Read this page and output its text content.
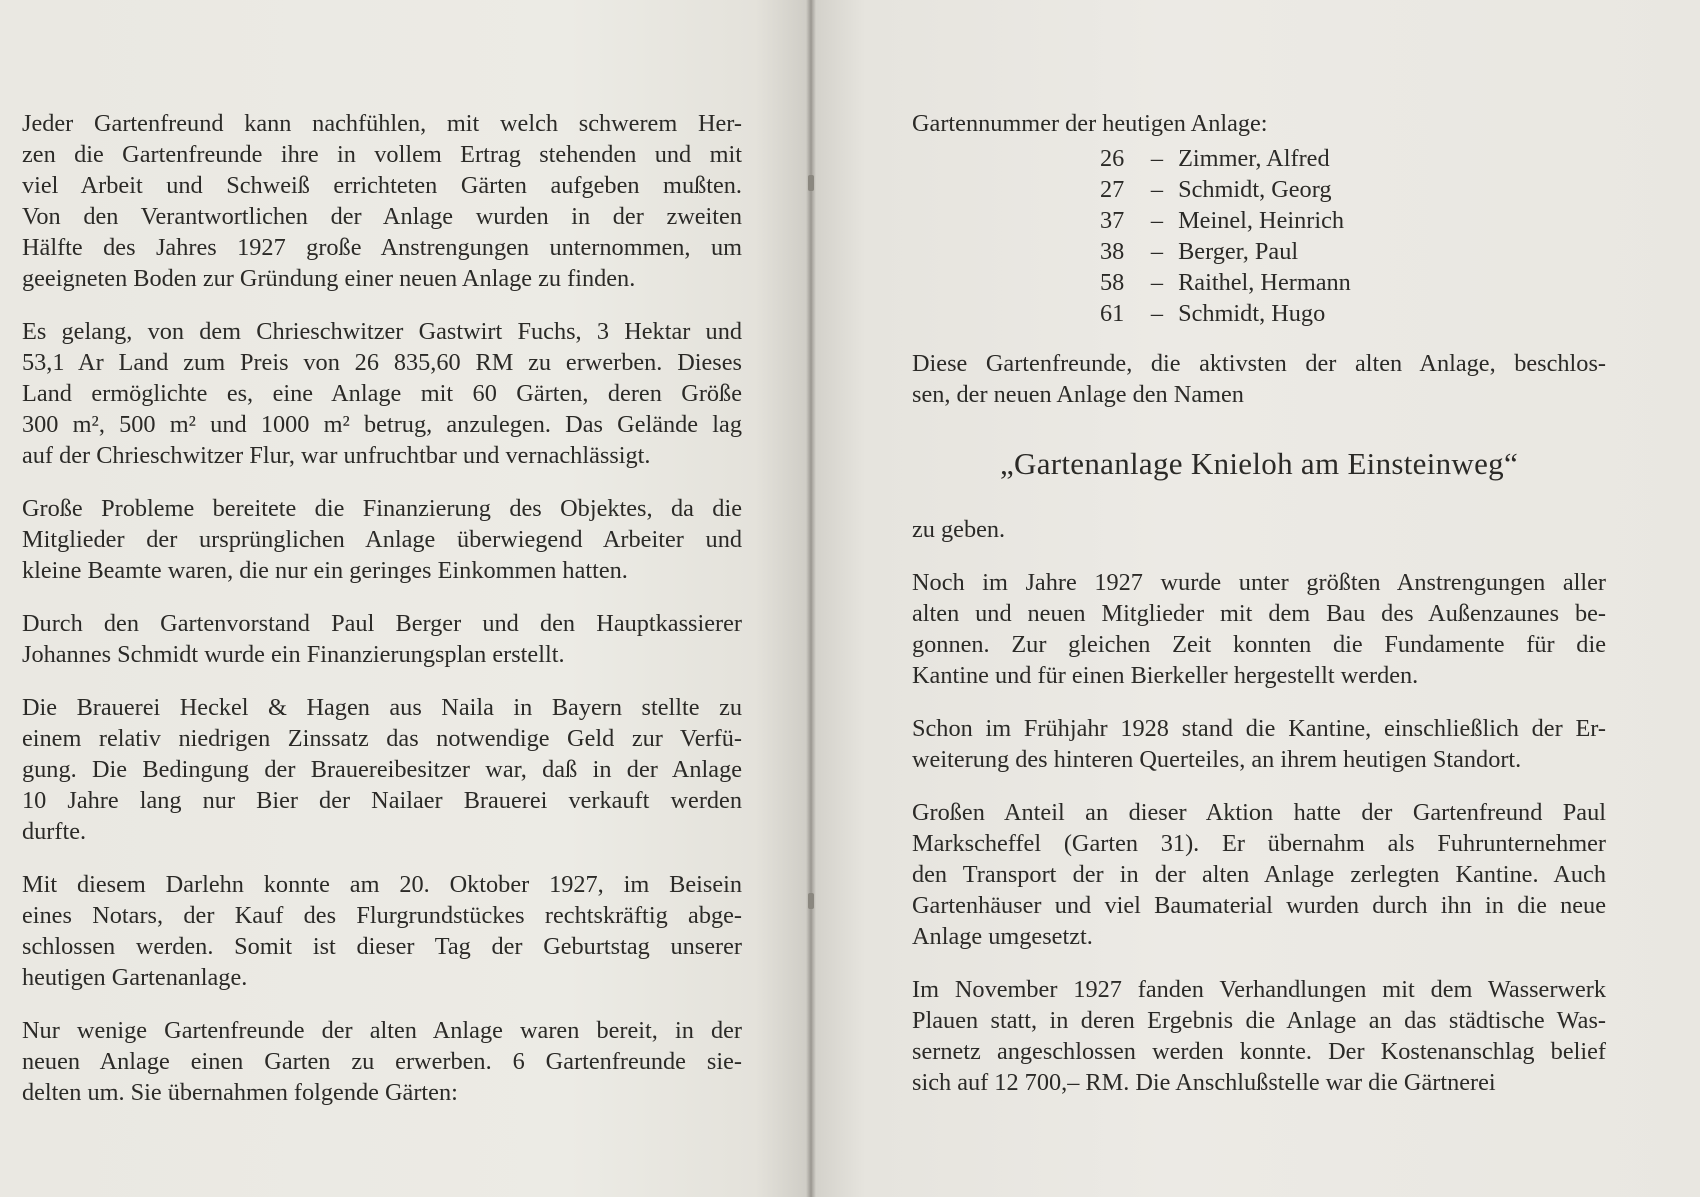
Jeder Gartenfreund kann nachfühlen, mit welch schwerem Her-
zen die Gartenfreunde ihre in vollem Ertrag stehenden und mit
viel Arbeit und Schweiß errichteten Gärten aufgeben mußten.
Von den Verantwortlichen der Anlage wurden in der zweiten
Hälfte des Jahres 1927 große Anstrengungen unternommen, um
geeigneten Boden zur Gründung einer neuen Anlage zu finden.
Es gelang, von dem Chrieschwitzer Gastwirt Fuchs, 3 Hektar und
53,1 Ar Land zum Preis von 26 835,60 RM zu erwerben. Dieses
Land ermöglichte es, eine Anlage mit 60 Gärten, deren Größe
300 m², 500 m² und 1000 m² betrug, anzulegen. Das Gelände lag
auf der Chrieschwitzer Flur, war unfruchtbar und vernachlässigt.
Große Probleme bereitete die Finanzierung des Objektes, da die
Mitglieder der ursprünglichen Anlage überwiegend Arbeiter und
kleine Beamte waren, die nur ein geringes Einkommen hatten.
Durch den Gartenvorstand Paul Berger und den Hauptkassierer
Johannes Schmidt wurde ein Finanzierungsplan erstellt.
Die Brauerei Heckel & Hagen aus Naila in Bayern stellte zu
einem relativ niedrigen Zinssatz das notwendige Geld zur Verfü-
gung. Die Bedingung der Brauereibesitzer war, daß in der Anlage
10 Jahre lang nur Bier der Nailaer Brauerei verkauft werden
durfte.
Mit diesem Darlehn konnte am 20. Oktober 1927, im Beisein
eines Notars, der Kauf des Flurgrundstückes rechtskräftig abge-
schlossen werden. Somit ist dieser Tag der Geburtstag unserer
heutigen Gartenanlage.
Nur wenige Gartenfreunde der alten Anlage waren bereit, in der
neuen Anlage einen Garten zu erwerben. 6 Gartenfreunde sie-
delten um. Sie übernahmen folgende Gärten:
Gartennummer der heutigen Anlage:
26 – Zimmer, Alfred
27 – Schmidt, Georg
37 – Meinel, Heinrich
38 – Berger, Paul
58 – Raithel, Hermann
61 – Schmidt, Hugo
Diese Gartenfreunde, die aktivsten der alten Anlage, beschlos-
sen, der neuen Anlage den Namen
„Gartenanlage Knieloh am Einsteinweg“
zu geben.
Noch im Jahre 1927 wurde unter größten Anstrengungen aller
alten und neuen Mitglieder mit dem Bau des Außenzaunes be-
gonnen. Zur gleichen Zeit konnten die Fundamente für die
Kantine und für einen Bierkeller hergestellt werden.
Schon im Frühjahr 1928 stand die Kantine, einschließlich der Er-
weiterung des hinteren Querteiles, an ihrem heutigen Standort.
Großen Anteil an dieser Aktion hatte der Gartenfreund Paul
Markscheffel (Garten 31). Er übernahm als Fuhrunternehmer
den Transport der in der alten Anlage zerlegten Kantine. Auch
Gartenhäuser und viel Baumaterial wurden durch ihn in die neue
Anlage umgesetzt.
Im November 1927 fanden Verhandlungen mit dem Wasserwerk
Plauen statt, in deren Ergebnis die Anlage an das städtische Was-
sernetz angeschlossen werden konnte. Der Kostenanschlag belief
sich auf 12 700,– RM. Die Anschlußstelle war die Gärtnerei
